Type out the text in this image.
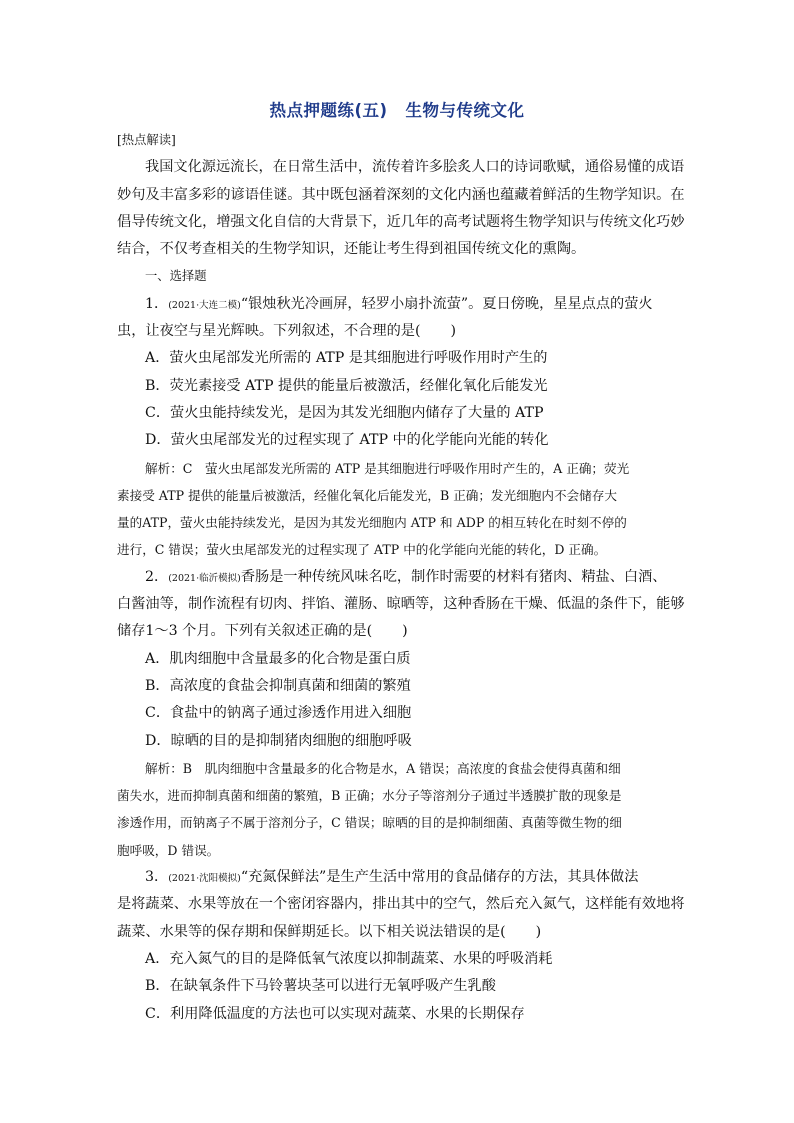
热点押题练(五) 生物与传统文化
[热点解读]
我国文化源远流长，在日常生活中，流传着许多脍炙人口的诗词歌赋，通俗易懂的成语
妙句及丰富多彩的谚语佳谜。其中既包涵着深刻的文化内涵也蕴藏着鲜活的生物学知识。在
倡导传统文化，增强文化自信的大背景下，近几年的高考试题将生物学知识与传统文化巧妙
结合，不仅考查相关的生物学知识，还能让考生得到祖国传统文化的熏陶。
一、选择题
1．(2021·大连二模)“银烛秋光冷画屏，轻罗小扇扑流萤”。夏日傍晚，星星点点的萤火
虫，让夜空与星光辉映。下列叙述，不合理的是( )
A．萤火虫尾部发光所需的 ATP 是其细胞进行呼吸作用时产生的
B．荧光素接受 ATP 提供的能量后被激活，经催化氧化后能发光
C．萤火虫能持续发光，是因为其发光细胞内储存了大量的 ATP
D．萤火虫尾部发光的过程实现了 ATP 中的化学能向光能的转化
解析：C　萤火虫尾部发光所需的 ATP 是其细胞进行呼吸作用时产生的，A 正确；荧光
素接受 ATP 提供的能量后被激活，经催化氧化后能发光，B 正确；发光细胞内不会储存大
量的ATP，萤火虫能持续发光，是因为其发光细胞内 ATP 和 ADP 的相互转化在时刻不停的
进行，C 错误；萤火虫尾部发光的过程实现了 ATP 中的化学能向光能的转化，D 正确。
2．(2021·临沂模拟)香肠是一种传统风味名吃，制作时需要的材料有猪肉、精盐、白酒、
白酱油等，制作流程有切肉、拌馅、灌肠、晾晒等，这种香肠在干燥、低温的条件下，能够
储存1～3 个月。下列有关叙述正确的是( )
A．肌肉细胞中含量最多的化合物是蛋白质
B．高浓度的食盐会抑制真菌和细菌的繁殖
C．食盐中的钠离子通过渗透作用进入细胞
D．晾晒的目的是抑制猪肉细胞的细胞呼吸
解析：B　肌肉细胞中含量最多的化合物是水，A 错误；高浓度的食盐会使得真菌和细
菌失水，进而抑制真菌和细菌的繁殖，B 正确；水分子等溶剂分子通过半透膜扩散的现象是
渗透作用，而钠离子不属于溶剂分子，C 错误；晾晒的目的是抑制细菌、真菌等微生物的细
胞呼吸，D 错误。
3．(2021·沈阳模拟)“充氮保鲜法”是生产生活中常用的食品储存的方法，其具体做法
是将蔬菜、水果等放在一个密闭容器内，排出其中的空气，然后充入氮气，这样能有效地将
蔬菜、水果等的保存期和保鲜期延长。以下相关说法错误的是( )
A．充入氮气的目的是降低氧气浓度以抑制蔬菜、水果的呼吸消耗
B．在缺氧条件下马铃薯块茎可以进行无氧呼吸产生乳酸
C．利用降低温度的方法也可以实现对蔬菜、水果的长期保存
